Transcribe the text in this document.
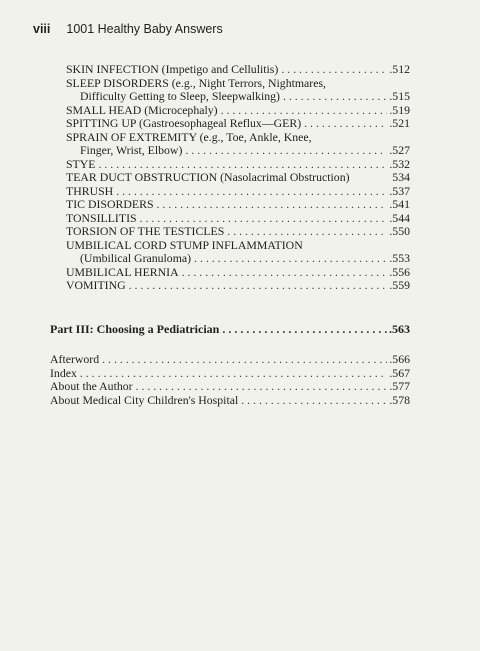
viii 1001 Healthy Baby Answers
SKIN INFECTION (Impetigo and Cellulitis) . . .	.512
SLEEP DISORDERS (e.g., Night Terrors, Nightmares,
Difficulty Getting to Sleep, Sleepwalking) . . .	.515
SMALL HEAD (Microcephaly) . . .	.519
SPITTING UP (Gastroesophageal Reflux—GER) . . .	.521
SPRAIN OF EXTREMITY (e.g., Toe, Ankle, Knee,
Finger, Wrist, Elbow) . . .	.527
STYE . . .	.532
TEAR DUCT OBSTRUCTION (Nasolacrimal Obstruction)	534
THRUSH . . .	.537
TIC DISORDERS . . .	.541
TONSILLITIS . . .	.544
TORSION OF THE TESTICLES . . .	.550
UMBILICAL CORD STUMP INFLAMMATION
(Umbilical Granuloma) . . .	.553
UMBILICAL HERNIA . . .	.556
VOMITING . . .	.559
Part III: Choosing a Pediatrician . . .	.563
Afterword . . .	.566
Index . . .	.567
About the Author . . .	.577
About Medical City Children's Hospital . . .	.578
